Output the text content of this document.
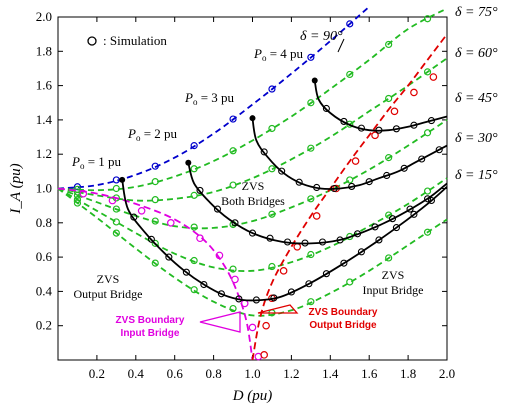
0.2 0.4 0.6 0.8 1.0 1.2 1.4 1.6 1.8 2.0
0.2
0.4
0.6
0.8
1.0
1.2
1.4
1.6
1.8
2.0
D (pu)
I_A (pu)
: Simulation
$P_o = 1$ pu
$P_o = 2$ pu
$P_o = 3$ pu
$P_o = 4$ pu
δ = 90°
δ = 75°
δ = 60°
δ = 45°
δ = 30°
δ = 15°
ZVS
Both Bridges
ZVS
Output Bridge
ZVS
Input Bridge
ZVS Boundary
Input Bridge
ZVS Boundary
Output Bridge
